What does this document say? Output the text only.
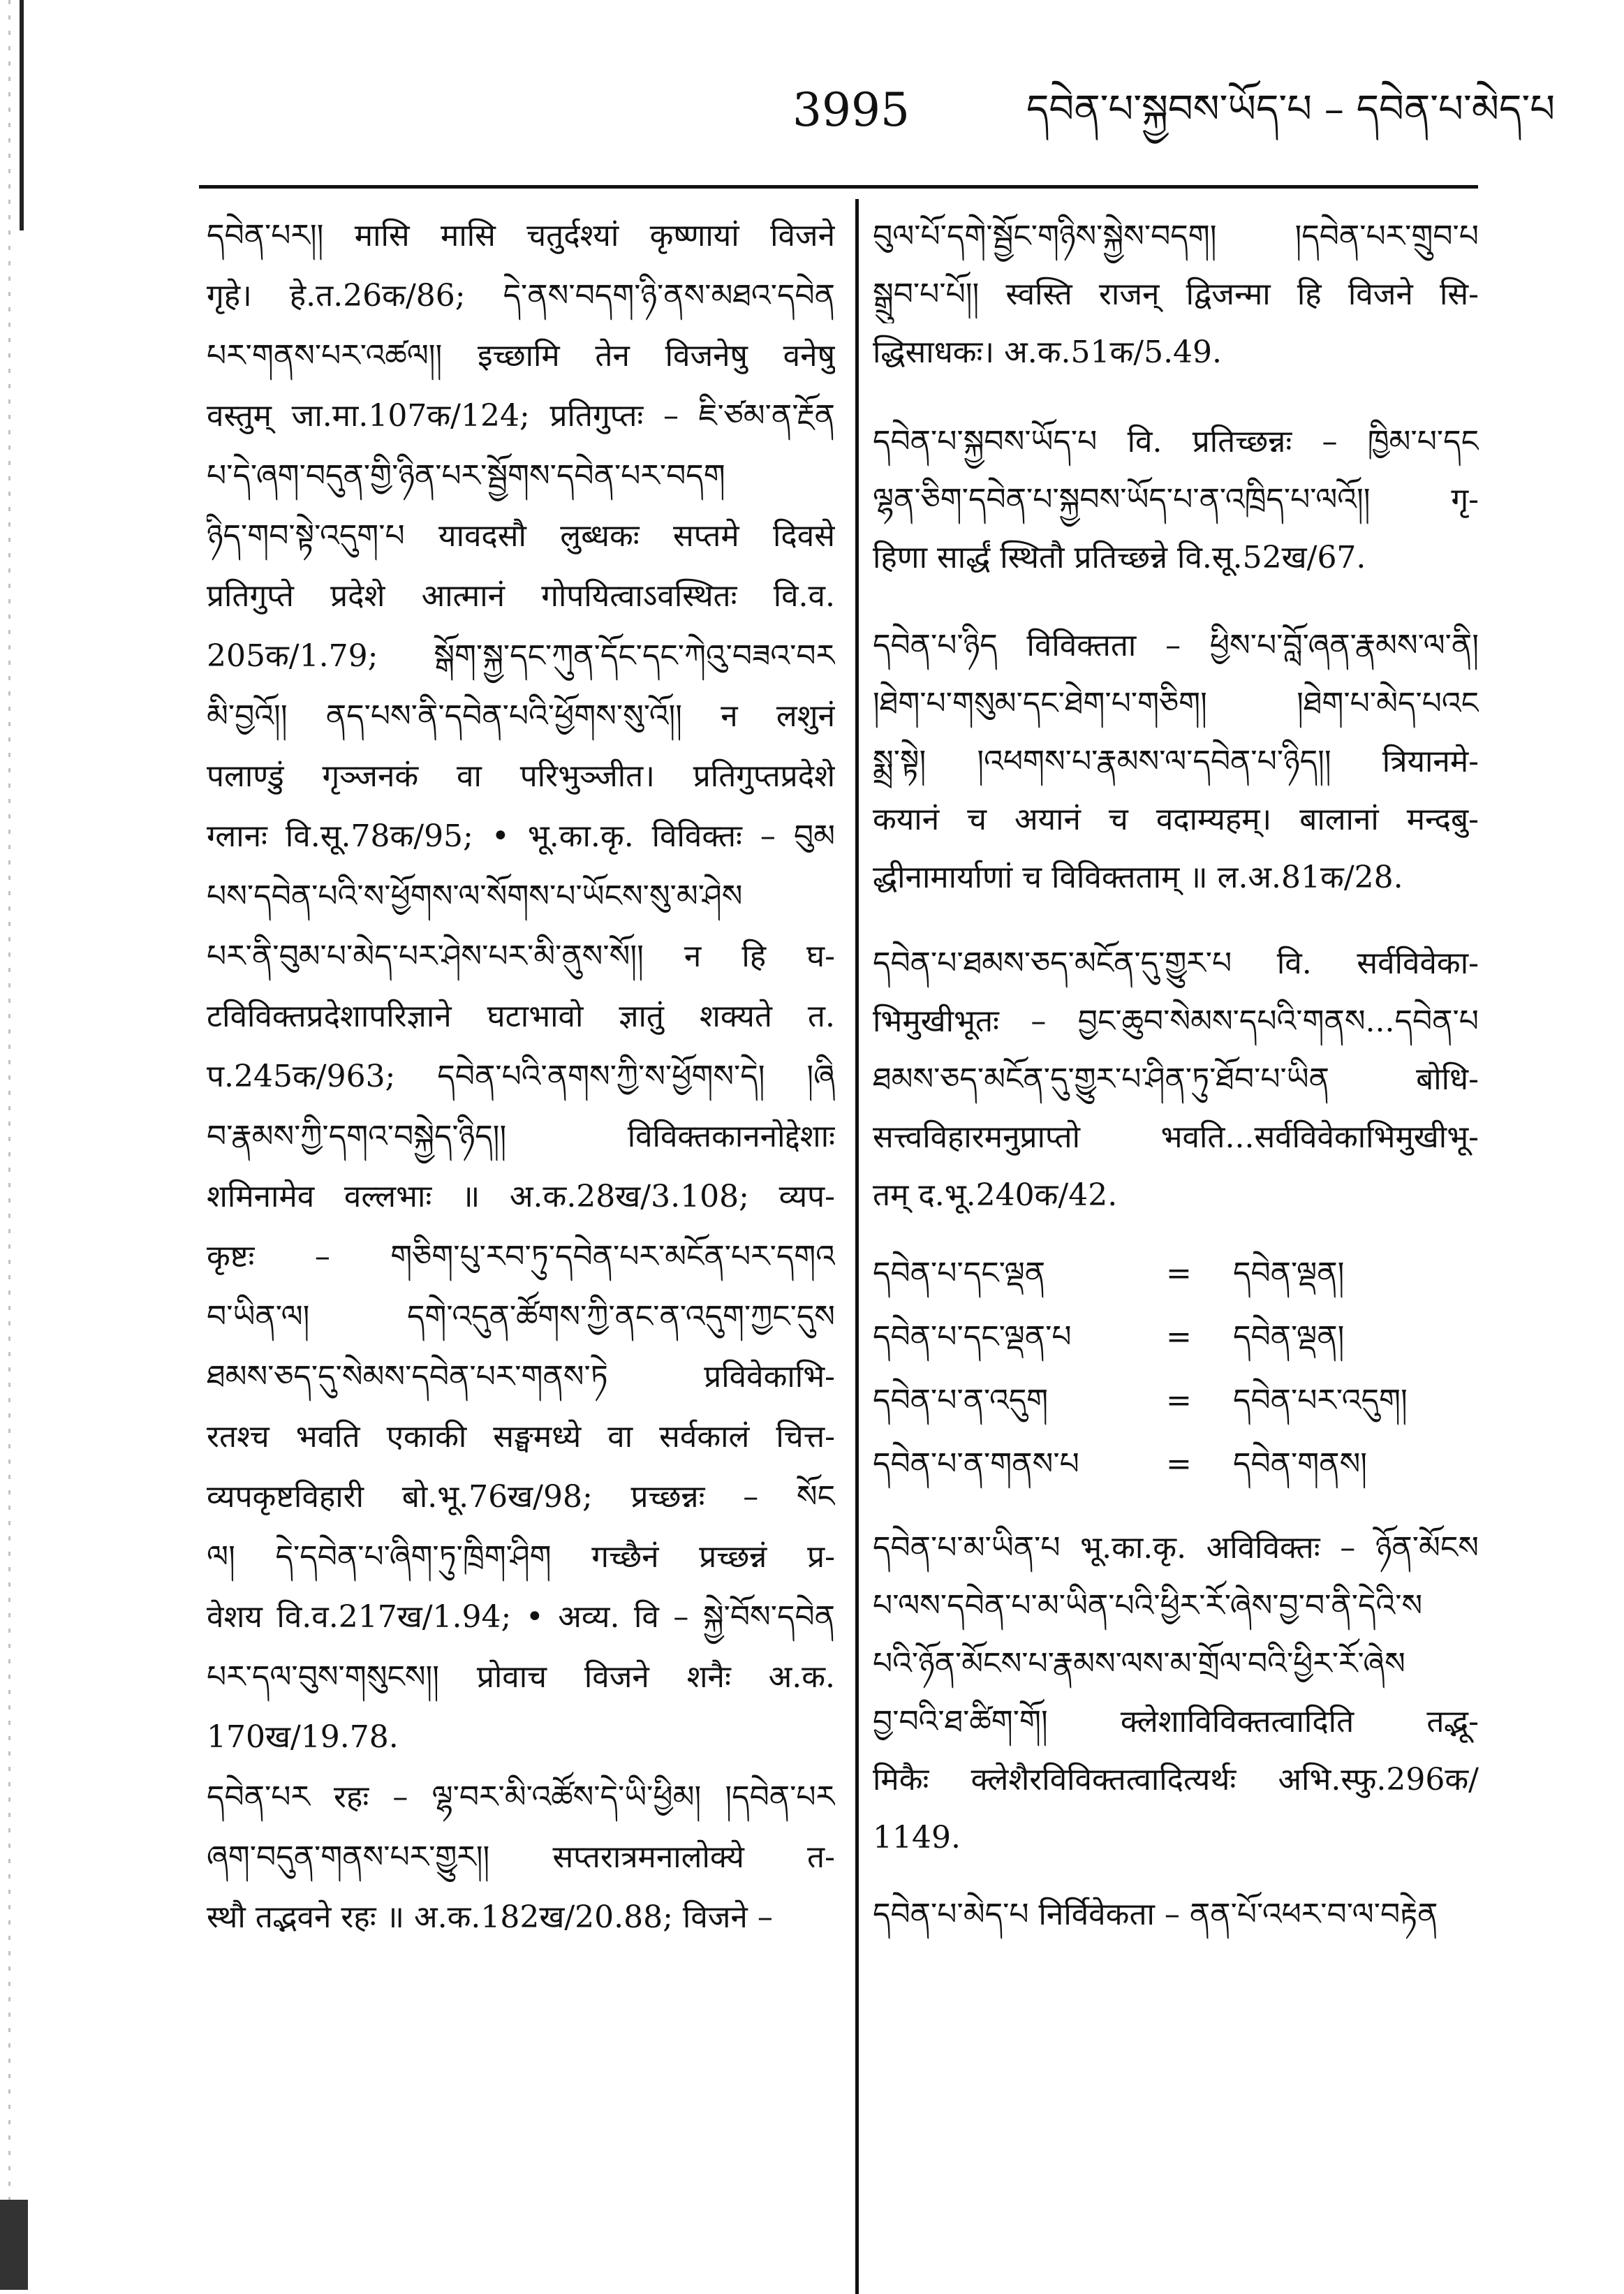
3995	དབེན་པ་སྐྱབས་ཡོད་པ – དབེན་པ་མེད་པ
དབེན་པར།། मासि मासि चतुर्दश्यां कृष्णायां विजने
गृहे। हे.त.26क/86; དེ་ནས་བདག་ཉི་ནས་མཐའ་དབེན
པར་གནས་པར་འཚལ།། इच्छामि तेन विजनेषु वनेषु
वस्तुम् जा.मा.107क/124; प्रतिगुप्तः – ཇི་ཙམ་ན་རྔོན
པ་དེ་ཞག་བདུན་གྱི་ཉིན་པར་སྦྱོགས་དབེན་པར་བདག
ཉིད་གབ་སྟེ་འདུག་པ यावदसौ लुब्धकः सप्तमे दिवसे
प्रतिगुप्ते प्रदेशे आत्मानं गोपयित्वाऽवस्थितः वि.व.
205क/1.79; སྒོག་སྐྱ་དང་ཀུན་དོང་དང་ཀེའུ་བཟའ་བར
མི་བྱའོ།། ནད་པས་ནི་དབེན་པའི་ཕྱོགས་སུ་འོ།། न लशुनं
पलाण्डुं गृञ्जनकं वा परिभुञ्जीत। प्रतिगुप्तप्रदेशे
ग्लानः वि.सू.78क/95; • भू.का.कृ. विविक्तः – བུམ
པས་དབེན་པའི་ས་ཕྱོགས་ལ་སོགས་པ་ཡོངས་སུ་མ་ཤེས
པར་ནི་བུམ་པ་མེད་པར་ཤེས་པར་མི་ནུས་སོ།། न हि घ-
टविविक्तप्रदेशापरिज्ञाने घटाभावो ज्ञातुं शक्यते त.
प.245क/963; དབེན་པའི་ནགས་ཀྱི་ས་ཕྱོགས་དེ། །ཞི
བ་རྣམས་ཀྱི་དགའ་བསྐྱེད་ཉིད།། विविक्तकाननोद्देशाः
शमिनामेव वल्लभाः ॥ अ.क.28ख/3.108; व्यप-
कृष्टः – གཅིག་པུ་རབ་ཏུ་དབེན་པར་མངོན་པར་དགའ
བ་ཡིན་ལ། དགེ་འདུན་ཚོགས་ཀྱི་ནང་ན་འདུག་ཀྱང་དུས
ཐམས་ཅད་དུ་སེམས་དབེན་པར་གནས་ཏེ प्रविवेकाभि-
रतश्च भवति एकाकी सङ्घमध्ये वा सर्वकालं चित्त-
व्यपकृष्टविहारी बो.भू.76ख/98; प्रच्छन्नः – སོང
ལ། དེ་དབེན་པ་ཞིག་ཏུ་ཁྲིག་ཤིག गच्छैनं प्रच्छन्नं प्र-
वेशय वि.व.217ख/1.94; • अव्य. वि – སྐྱེ་བོས་དབེན
པར་དལ་བུས་གསུངས།། प्रोवाच विजने शनैः अ.क.
170ख/19.78.
དབེན་པར रहः – ལྷ་བར་མི་འཚོས་དེ་ཡི་ཕྱིམ། །དབེན་པར
ཞག་བདུན་གནས་པར་གྱུར།། सप्तरात्रमनालोक्ये त-
स्थौ तद्भवने रहः ॥ अ.क.182ख/20.88; विजने –
བུལ་པོ་དགེ་སྦྱོང་གཉིས་སྐྱེས་བདག། །དབེན་པར་གྲུབ་པ
སྒྲུབ་པ་པོ།། स्वस्ति राजन् द्विजन्मा हि विजने सि-
द्धिसाधकः। अ.क.51क/5.49.
དབེན་པ་སྐྱབས་ཡོད་པ वि. प्रतिच्छन्नः – ཁྱིམ་པ་དང
ལྷན་ཅིག་དབེན་པ་སྐྱབས་ཡོད་པ་ན་འཁྲིད་པ་ལའོ།། गृ-
हिणा सार्द्धं स्थितौ प्रतिच्छन्ने वि.सू.52ख/67.
དབེན་པ་ཉིད विविक्तता – ཕྱིས་པ་བློ་ཞན་རྣམས་ལ་ནི།
།ཐེག་པ་གསུམ་དང་ཐེག་པ་གཅིག། །ཐེག་པ་མེད་པའང
སྨྲ་སྟེ། །འཕགས་པ་རྣམས་ལ་དབེན་པ་ཉིད།། त्रियानमे-
कयानं च अयानं च वदाम्यहम्। बालानां मन्दबु-
द्धीनामार्याणां च विविक्तताम् ॥ ल.अ.81क/28.
དབེན་པ་ཐམས་ཅད་མངོན་དུ་གྱུར་པ वि. सर्वविवेका-
भिमुखीभूतः – བྱང་ཆུབ་སེམས་དཔའི་གནས...དབེན་པ
ཐམས་ཅད་མངོན་དུ་གྱུར་པ་ཤིན་ཏུ་ཐོབ་པ་ཡིན बोधि-
सत्त्वविहारमनुप्राप्तो भवति...सर्वविवेकाभिमुखीभू-
तम् द.भू.240क/42.
དབེན་པ་དང་ལྡན	= དབེན་ལྡན།
དབེན་པ་དང་ལྡན་པ	= དབེན་ལྡན།
དབེན་པ་ན་འདུག	= དབེན་པར་འདུག།
དབེན་པ་ན་གནས་པ	= དབེན་གནས།
དབེན་པ་མ་ཡིན་པ भू.का.कृ. अविविक्तः – ཉོན་མོངས
པ་ལས་དབེན་པ་མ་ཡིན་པའི་ཕྱིར་རོ་ཞེས་བྱ་བ་ནི་དེའི་ས
པའི་ཉོན་མོངས་པ་རྣམས་ལས་མ་གྲོལ་བའི་ཕྱིར་རོ་ཞེས
བྱ་བའི་ཐ་ཚིག་གོ། क्लेशाविविक्तत्वादिति तद्भू-
मिकैः क्लेशैरविविक्तत्वादित्यर्थः अभि.स्फु.296क/
1149.
དབེན་པ་མེད་པ निर्विवेकता – ནན་པོ་འཕར་བ་ལ་བརྟེན
